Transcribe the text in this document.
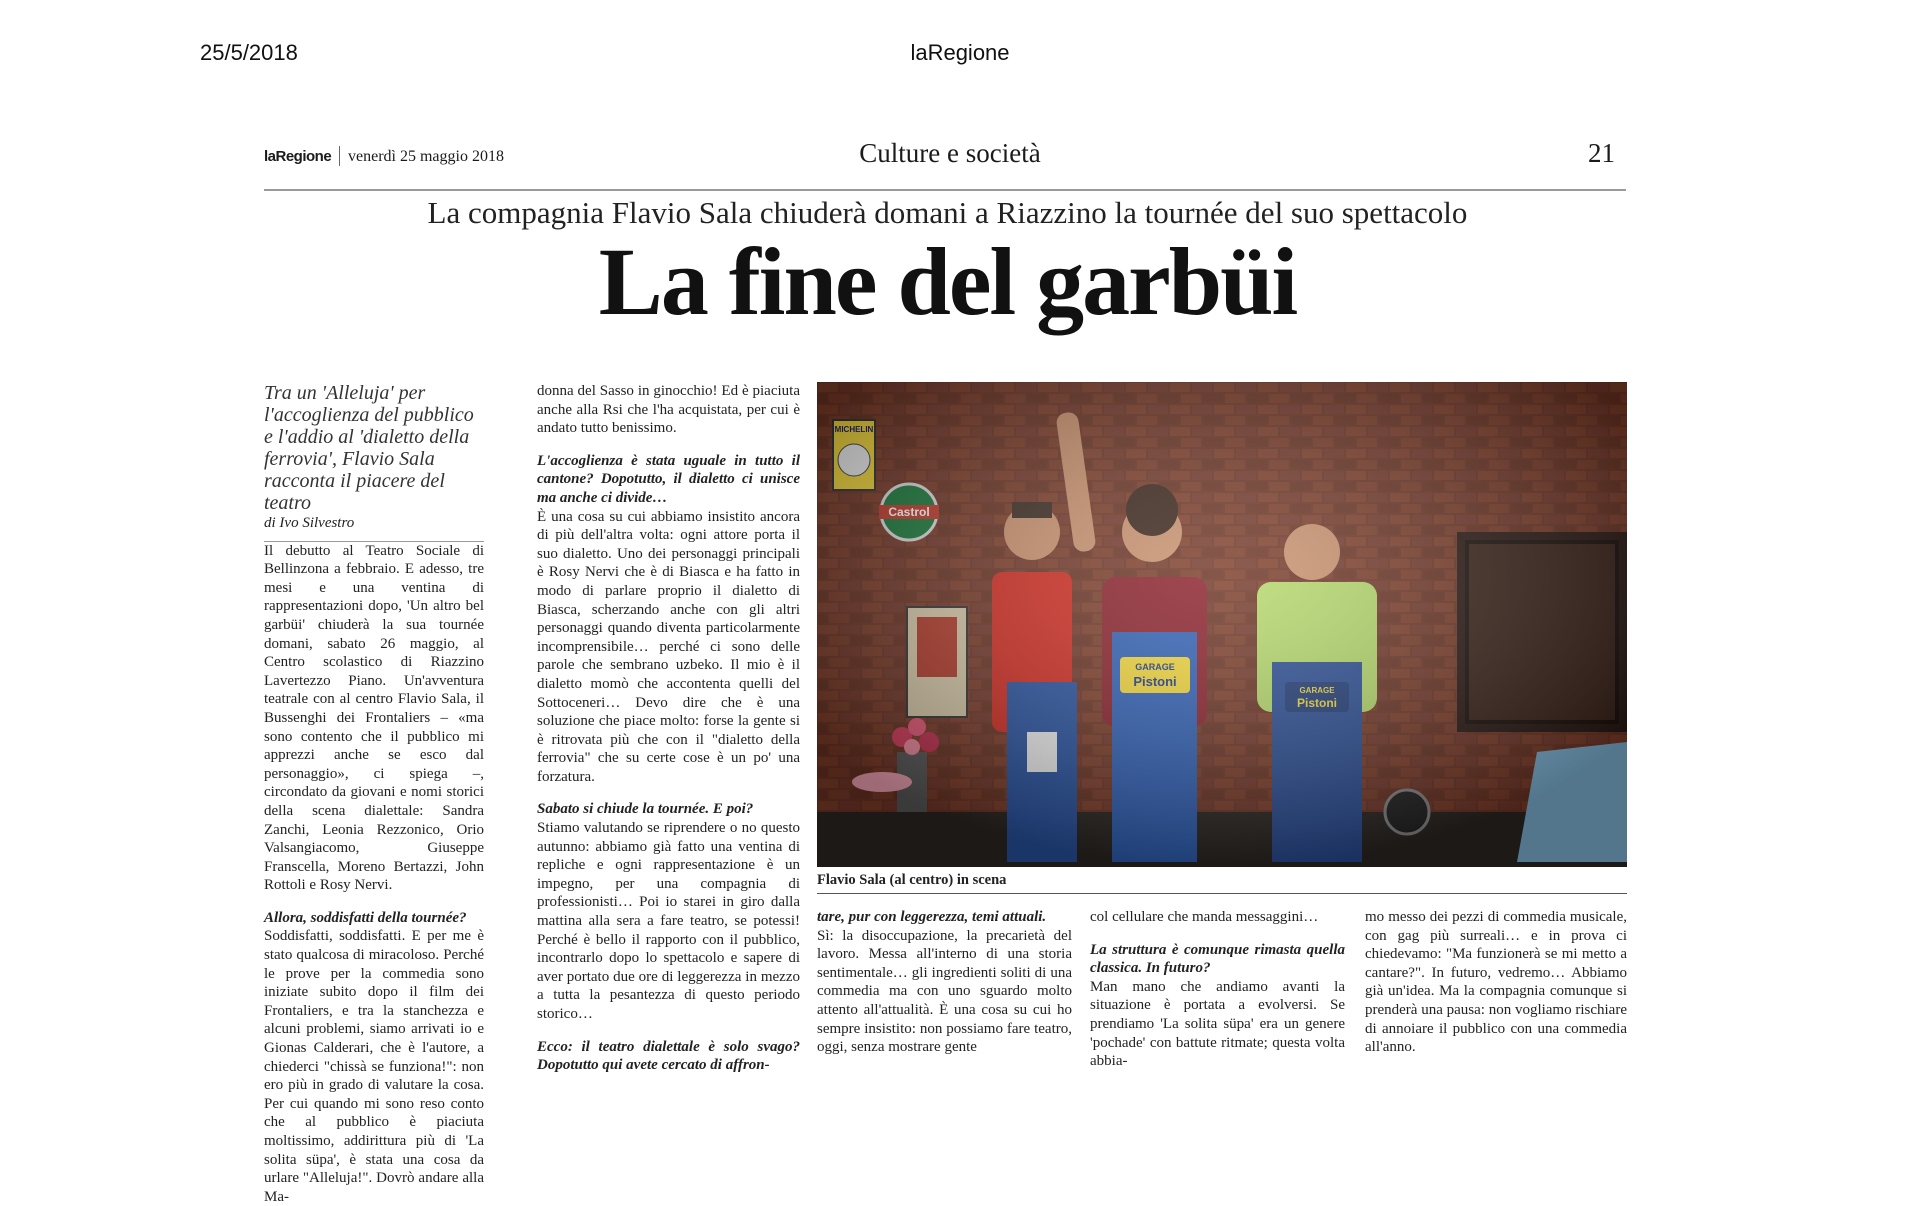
25/5/2018	laRegione
laRegione venerdì 25 maggio 2018	Culture e società	21
La compagnia Flavio Sala chiuderà domani a Riazzino la tournée del suo spettacolo
La fine del garbüi

Tra un 'Alleluja' per l'accoglienza del pubblico e l'addio al 'dialetto della ferrovia', Flavio Sala racconta il piacere del teatro

di Ivo Silvestro

Il debutto al Teatro Sociale di Bellinzona a febbraio. E adesso, tre mesi e una ventina di rappresentazioni dopo, 'Un altro bel garbüi' chiuderà la sua tournée domani, sabato 26 maggio, al Centro scolastico di Riazzino Lavertezzo Piano. Un'avventura teatrale con al centro Flavio Sala, il Bussenghi dei Frontaliers – «ma sono contento che il pubblico mi apprezzi anche se esco dal personaggio», ci spiega –, circondato da giovani e nomi storici della scena dialettale: Sandra Zanchi, Leonia Rezzonico, Orio Valsangiacomo, Giuseppe Franscella, Moreno Bertazzi, John Rottoli e Rosy Nervi.

Allora, soddisfatti della tournée?

Soddisfatti, soddisfatti. E per me è stato qualcosa di miracoloso. Perché le prove per la commedia sono iniziate subito dopo il film dei Frontaliers, e tra la stanchezza e alcuni problemi, siamo arrivati io e Gionas Calderari, che è l'autore, a chiederci "chissà se funziona!": non ero più in grado di valutare la cosa. Per cui quando mi sono reso conto che al pubblico è piaciuta moltissimo, addirittura più di 'La solita süpa', è stata una cosa da urlare "Alleluja!". Dovrò andare alla Ma-

donna del Sasso in ginocchio! Ed è piaciuta anche alla Rsi che l'ha acquistata, per cui è andato tutto benissimo.

L'accoglienza è stata uguale in tutto il cantone? Dopotutto, il dialetto ci unisce ma anche ci divide…

È una cosa su cui abbiamo insistito ancora di più dell'altra volta: ogni attore porta il suo dialetto. Uno dei personaggi principali è Rosy Nervi che è di Biasca e ha fatto in modo di parlare proprio il dialetto di Biasca, scherzando anche con gli altri personaggi quando diventa particolarmente incomprensibile… perché ci sono delle parole che sembrano uzbeko. Il mio è il dialetto momò che accontenta quelli del Sottoceneri… Devo dire che è una soluzione che piace molto: forse la gente si è ritrovata più che con il "dialetto della ferrovia" che su certe cose è un po' una forzatura.

Sabato si chiude la tournée. E poi?

Stiamo valutando se riprendere o no questo autunno: abbiamo già fatto una ventina di repliche e ogni rappresentazione è un impegno, per una compagnia di professionisti… Poi io starei in giro dalla mattina alla sera a fare teatro, se potessi! Perché è bello il rapporto con il pubblico, incontrarlo dopo lo spettacolo e sapere di aver portato due ore di leggerezza in mezzo a tutta la pesantezza di questo periodo storico…

Ecco: il teatro dialettale è solo svago? Dopotutto qui avete cercato di affron-

Flavio Sala (al centro) in scena

tare, pur con leggerezza, temi attuali.

Sì: la disoccupazione, la precarietà del lavoro. Messa all'interno di una storia sentimentale… gli ingredienti soliti di una commedia ma con uno sguardo molto attento all'attualità. È una cosa su cui ho sempre insistito: non possiamo fare teatro, oggi, senza mostrare gente

col cellulare che manda messaggini…

La struttura è comunque rimasta quella classica. In futuro?

Man mano che andiamo avanti la situazione è portata a evolversi. Se prendiamo 'La solita süpa' era un genere 'pochade' con battute ritmate; questa volta abbia-

mo messo dei pezzi di commedia musicale, con gag più surreali… e in prova ci chiedevamo: "Ma funzionerà se mi metto a cantare?". In futuro, vedremo… Abbiamo già un'idea. Ma la compagnia comunque si prenderà una pausa: non vogliamo rischiare di annoiare il pubblico con una commedia all'anno.
